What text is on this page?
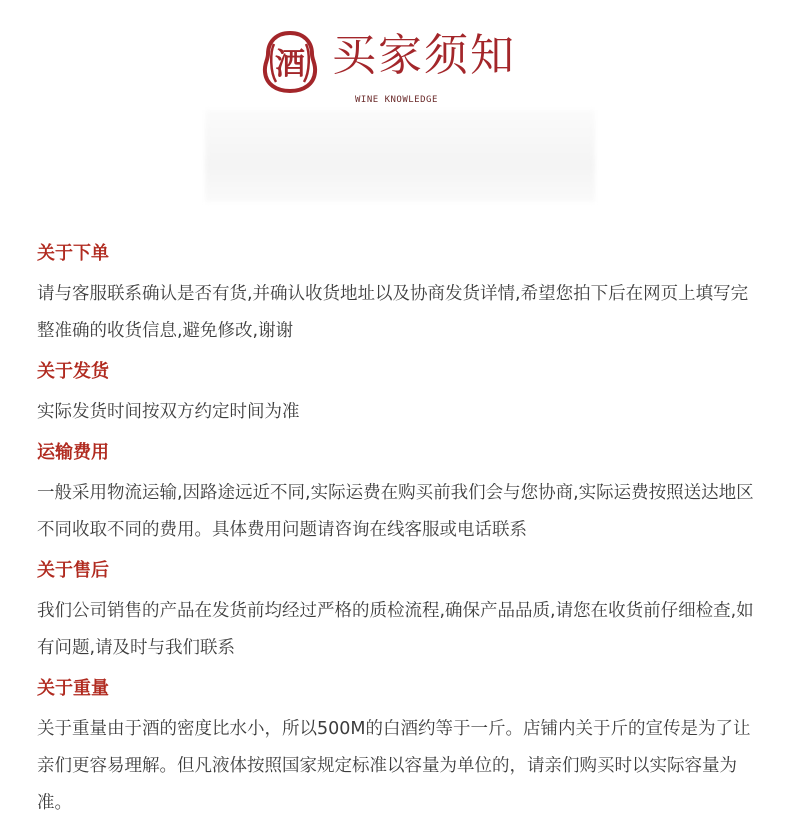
酒 买家须知
WINE KNOWLEDGE
关于下单

请与客服联系确认是否有货,并确认收货地址以及协商发货详情,希望您拍下后在网页上填写完整准确的收货信息,避免修改,谢谢

关于发货

实际发货时间按双方约定时间为准

运输费用

一般采用物流运输,因路途远近不同,实际运费在购买前我们会与您协商,实际运费按照送达地区不同收取不同的费用。具体费用问题请咨询在线客服或电话联系

关于售后

我们公司销售的产品在发货前均经过严格的质检流程,确保产品品质,请您在收货前仔细检查,如有问题,请及时与我们联系

关于重量

关于重量由于酒的密度比水小，所以500M的白酒约等于一斤。店铺内关于斤的宣传是为了让亲们更容易理解。但凡液体按照国家规定标准以容量为单位的，请亲们购买时以实际容量为准。
